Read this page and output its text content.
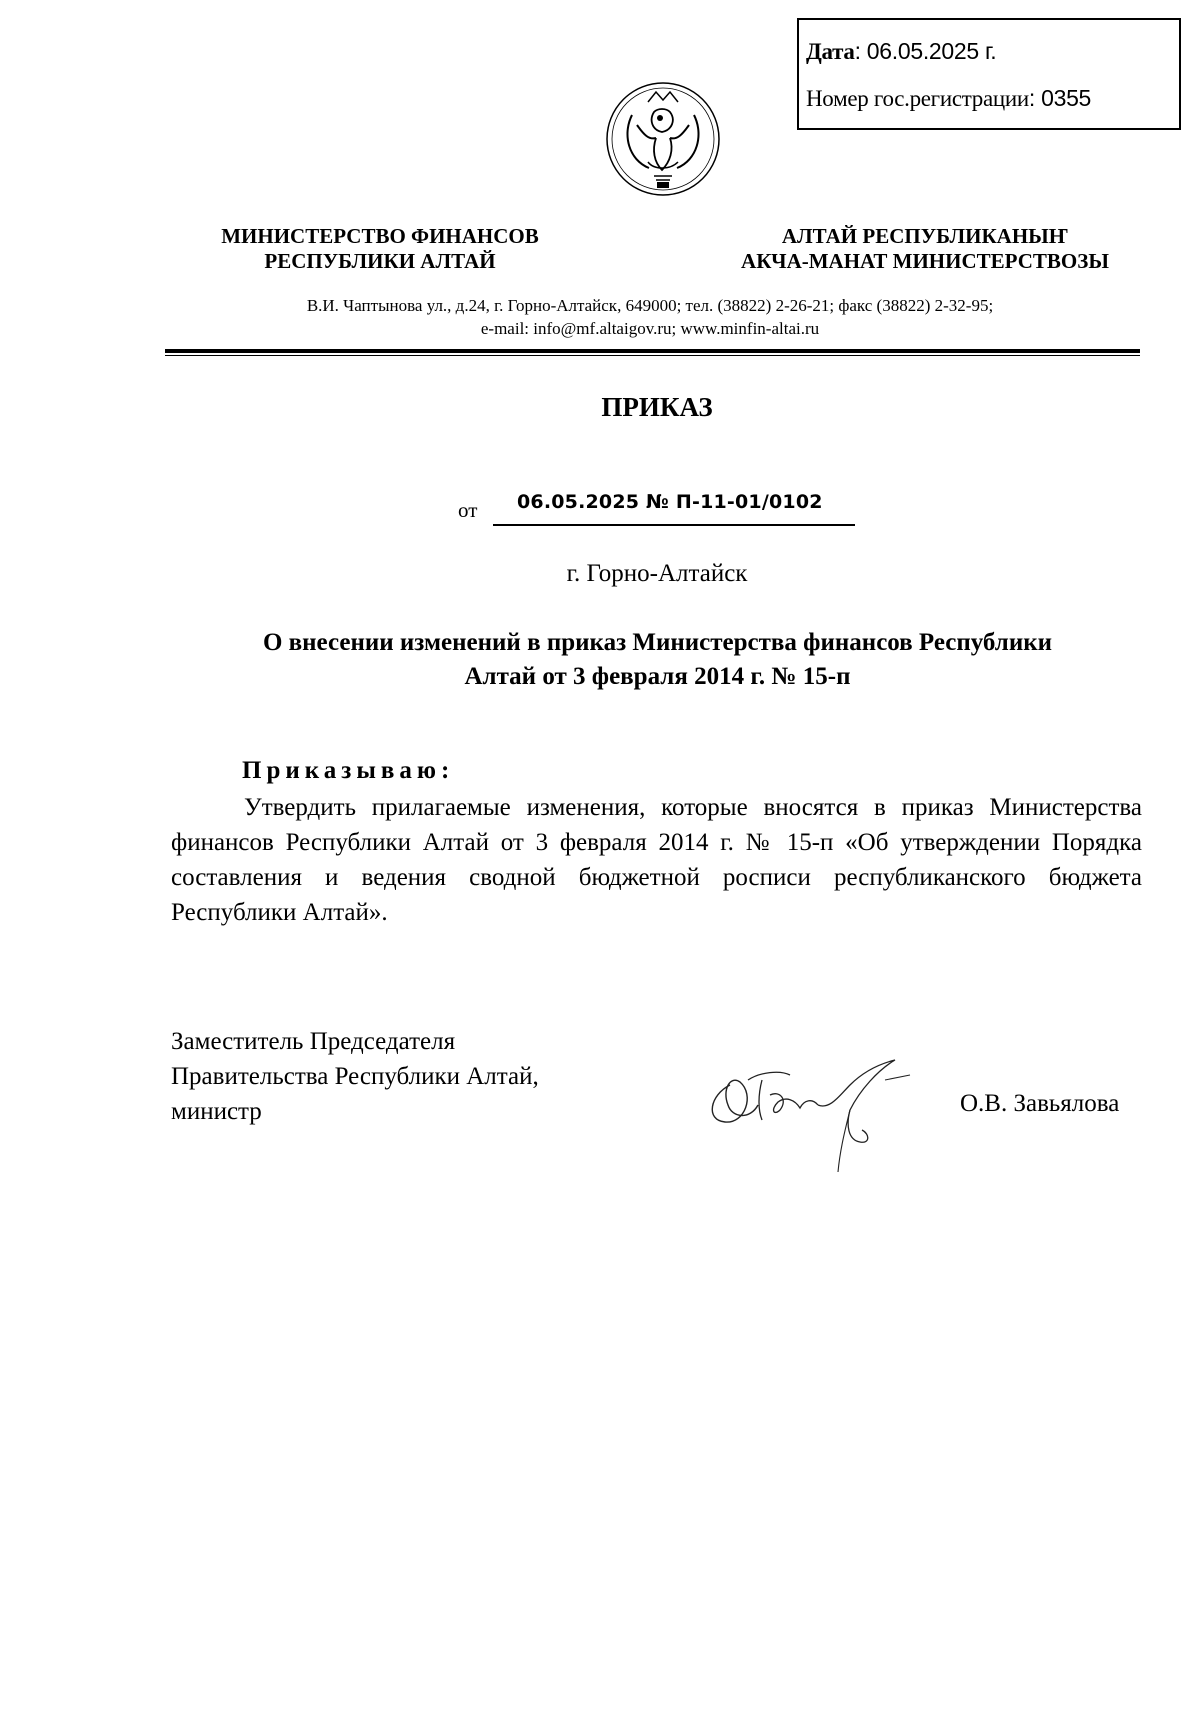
Дата: 06.05.2025 г.
Номер гос.регистрации: 0355
МИНИСТЕРСТВО ФИНАНСОВ
РЕСПУБЛИКИ АЛТАЙ
АЛТАЙ РЕСПУБЛИКАНЫҤ
АКЧА-МАНАТ МИНИСТЕРСТВОЗЫ
В.И. Чаптынова ул., д.24, г. Горно-Алтайск, 649000; тел. (38822) 2-26-21; факс (38822) 2-32-95;
e-mail: info@mf.altaigov.ru; www.minfin-altai.ru
ПРИКАЗ
от 06.05.2025 № П-11-01/0102
г. Горно-Алтайск
О внесении изменений в приказ Министерства финансов Республики
Алтай от 3 февраля 2014 г. № 15-п
Приказываю:
Утвердить прилагаемые изменения, которые вносятся в приказ Министерства финансов Республики Алтай от 3 февраля 2014 г. № 15-п «Об утверждении Порядка составления и ведения сводной бюджетной росписи республиканского бюджета Республики Алтай».
Заместитель Председателя
Правительства Республики Алтай,
министр	О.В. Завьялова
